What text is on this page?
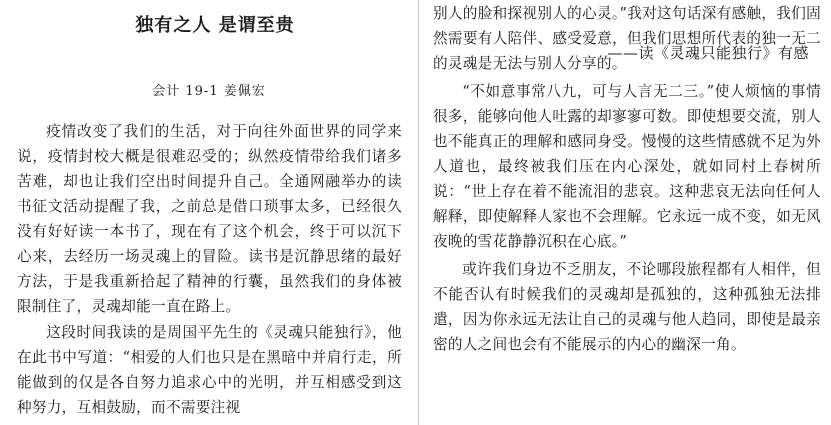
独有之人 是谓至贵

——读《灵魂只能独行》有感

会计 19-1 姜佩宏

疫情改变了我们的生活，对于向往外面世界的同学来说，疫情封校大概是很难忍受的；纵然疫情带给我们诸多苦难，却也让我们空出时间提升自己。全通网融举办的读书征文活动提醒了我，之前总是借口琐事太多，已经很久没有好好读一本书了，现在有了这个机会，终于可以沉下心来，去经历一场灵魂上的冒险。读书是沉静思绪的最好方法，于是我重新拾起了精神的行囊，虽然我们的身体被限制住了，灵魂却能一直在路上。

这段时间我读的是周国平先生的《灵魂只能独行》，他在此书中写道：“相爱的人们也只是在黑暗中并肩行走，所能做到的仅是各自努力追求心中的光明，并互相感受到这种努力，互相鼓励，而不需要注视

别人的脸和探视别人的心灵。”我对这句话深有感触，我们固然需要有人陪伴、感受爱意，但我们思想所代表的独一无二的灵魂是无法与别人分享的。

“不如意事常八九，可与人言无二三。”使人烦恼的事情很多，能够向他人吐露的却寥寥可数。即使想要交流，别人也不能真正的理解和感同身受。慢慢的这些情感就不足为外人道也，最终被我们压在内心深处，就如同村上春树所说：“世上存在着不能流泪的悲哀。这种悲哀无法向任何人解释，即使解释人家也不会理解。它永远一成不变，如无风夜晚的雪花静静沉积在心底。”

或许我们身边不乏朋友，不论哪段旅程都有人相伴，但不能否认有时候我们的灵魂却是孤独的，这种孤独无法排遣，因为你永远无法让自己的灵魂与他人趋同，即使是最亲密的人之间也会有不能展示的内心的幽深一角。
